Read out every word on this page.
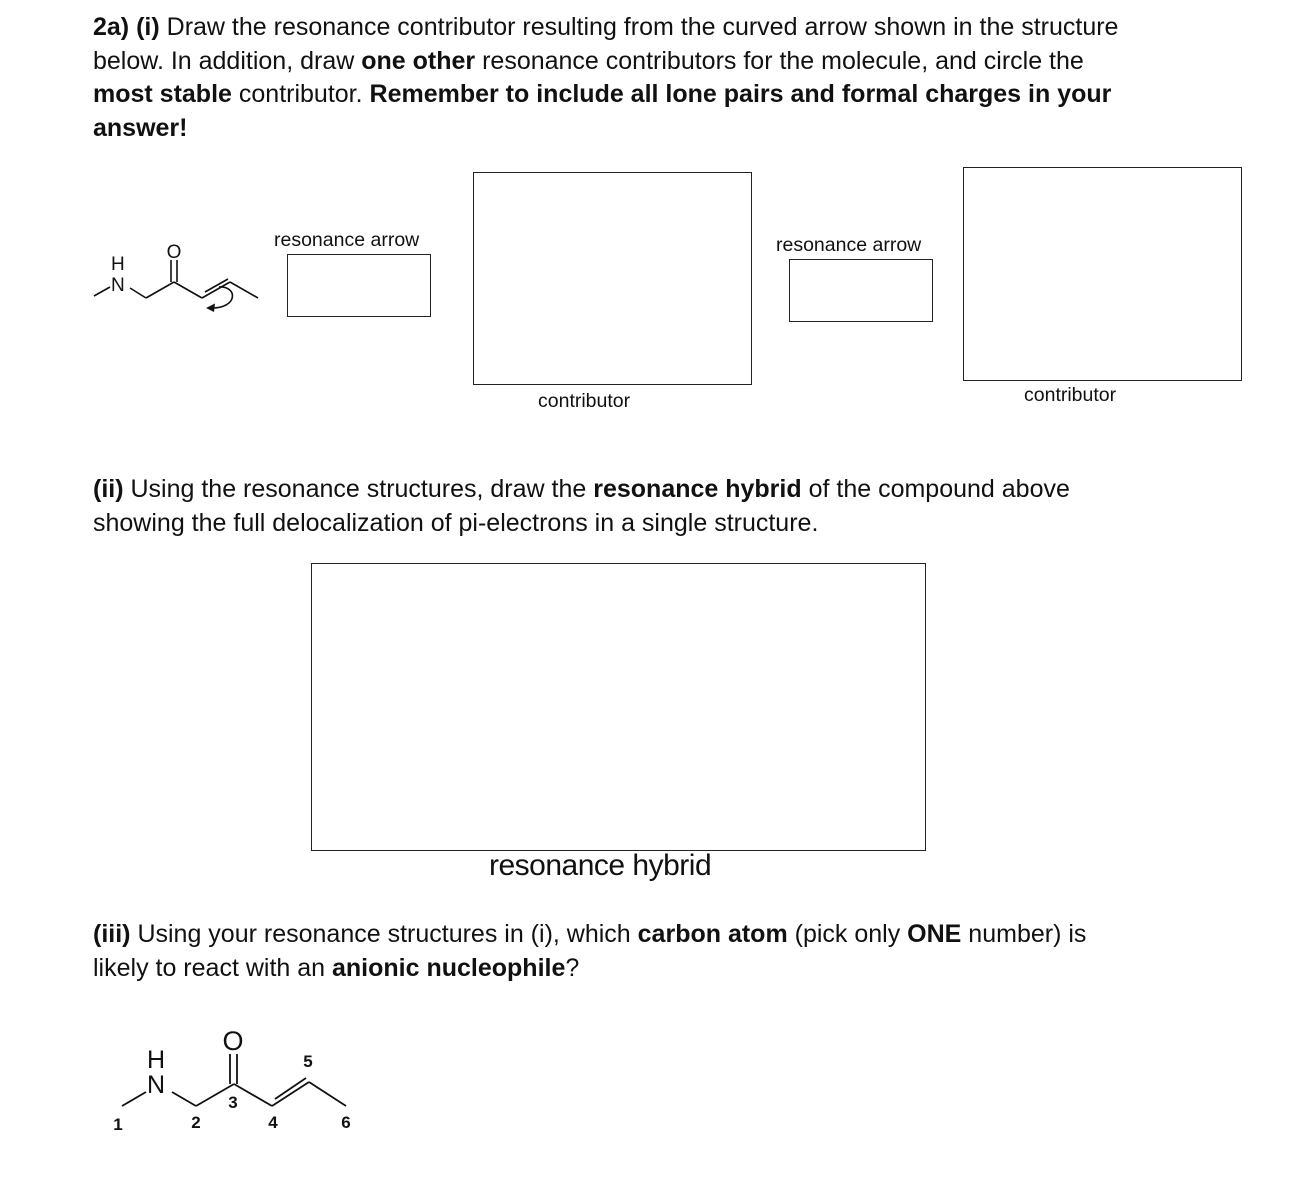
2a) (i) Draw the resonance contributor resulting from the curved arrow shown in the structure
below. In addition, draw one other resonance contributors for the molecule, and circle the
most stable contributor. Remember to include all lone pairs and formal charges in your
answer!
H
N
O
resonance arrow
contributor
resonance arrow
contributor
(ii) Using the resonance structures, draw the resonance hybrid of the compound above
showing the full delocalization of pi-electrons in a single structure.
resonance hybrid
(iii) Using your resonance structures in (i), which carbon atom (pick only ONE number) is
likely to react with an anionic nucleophile?
H
N
O
1	2
3
4
5
6
